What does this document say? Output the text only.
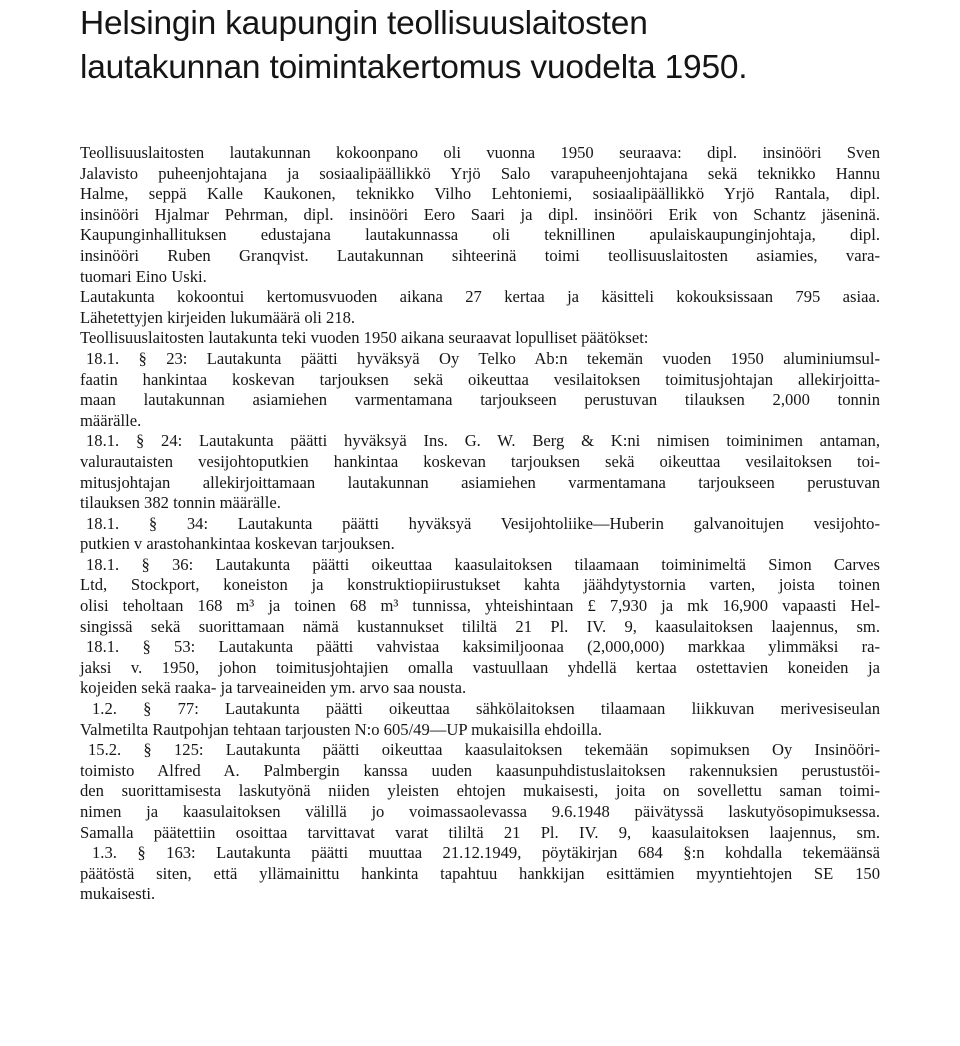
Helsingin kaupungin teollisuuslaitosten
lautakunnan toimintakertomus vuodelta 1950.
Teollisuuslaitosten lautakunnan kokoonpano oli vuonna 1950 seuraava: dipl. insinööri Sven
Jalavisto puheenjohtajana ja sosiaalipäällikkö Yrjö Salo varapuheenjohtajana sekä teknikko Hannu
Halme, seppä Kalle Kaukonen, teknikko Vilho Lehtoniemi, sosiaalipäällikkö Yrjö Rantala, dipl.
insinööri Hjalmar Pehrman, dipl. insinööri Eero Saari ja dipl. insinööri Erik von Schantz jäseninä.
Kaupunginhallituksen edustajana lautakunnassa oli teknillinen apulaiskaupunginjohtaja, dipl.
insinööri Ruben Granqvist. Lautakunnan sihteerinä toimi teollisuuslaitosten asiamies, vara-
tuomari Eino Uski.
Lautakunta kokoontui kertomusvuoden aikana 27 kertaa ja käsitteli kokouksissaan 795 asiaa.
Lähetettyjen kirjeiden lukumäärä oli 218.
Teollisuuslaitosten lautakunta teki vuoden 1950 aikana seuraavat lopulliset päätökset:
18.1. § 23: Lautakunta päätti hyväksyä Oy Telko Ab:n tekemän vuoden 1950 aluminiumsul-
faatin hankintaa koskevan tarjouksen sekä oikeuttaa vesilaitoksen toimitusjohtajan allekirjoitta-
maan lautakunnan asiamiehen varmentamana tarjoukseen perustuvan tilauksen 2,000 tonnin
määrälle.
18.1. § 24: Lautakunta päätti hyväksyä Ins. G. W. Berg & K:ni nimisen toiminimen antaman,
valurautaisten vesijohtoputkien hankintaa koskevan tarjouksen sekä oikeuttaa vesilaitoksen toi-
mitusjohtajan allekirjoittamaan lautakunnan asiamiehen varmentamana tarjoukseen perustuvan
tilauksen 382 tonnin määrälle.
18.1. § 34: Lautakunta päätti hyväksyä Vesijohtoliike—Huberin galvanoitujen vesijohto-
putkien v arastohankintaa koskevan tarjouksen.
18.1. § 36: Lautakunta päätti oikeuttaa kaasulaitoksen tilaamaan toiminimeltä Simon Carves
Ltd, Stockport, koneiston ja konstruktiopiirustukset kahta jäähdytystornia varten, joista toinen
olisi teholtaan 168 m³ ja toinen 68 m³ tunnissa, yhteishintaan £ 7,930 ja mk 16,900 vapaasti Hel-
singissä sekä suorittamaan nämä kustannukset tililtä 21 Pl. IV. 9, kaasulaitoksen laajennus, sm.
18.1. § 53: Lautakunta päätti vahvistaa kaksimiljoonaa (2,000,000) markkaa ylimmäksi ra-
jaksi v. 1950, johon toimitusjohtajien omalla vastuullaan yhdellä kertaa ostettavien koneiden ja
kojeiden sekä raaka- ja tarveaineiden ym. arvo saa nousta.
1.2. § 77: Lautakunta päätti oikeuttaa sähkölaitoksen tilaamaan liikkuvan merivesiseulan
Valmetilta Rautpohjan tehtaan tarjousten N:o 605/49—UP mukaisilla ehdoilla.
15.2. § 125: Lautakunta päätti oikeuttaa kaasulaitoksen tekemään sopimuksen Oy Insinööri-
toimisto Alfred A. Palmbergin kanssa uuden kaasunpuhdistuslaitoksen rakennuksien perustustöi-
den suorittamisesta laskutyönä niiden yleisten ehtojen mukaisesti, joita on sovellettu saman toimi-
nimen ja kaasulaitoksen välillä jo voimassaolevassa 9.6.1948 päivätyssä laskutyösopimuksessa.
Samalla päätettiin osoittaa tarvittavat varat tililtä 21 Pl. IV. 9, kaasulaitoksen laajennus, sm.
1.3. § 163: Lautakunta päätti muuttaa 21.12.1949, pöytäkirjan 684 §:n kohdalla tekemäänsä
päätöstä siten, että yllämainittu hankinta tapahtuu hankkijan esittämien myyntiehtojen SE 150
mukaisesti.
